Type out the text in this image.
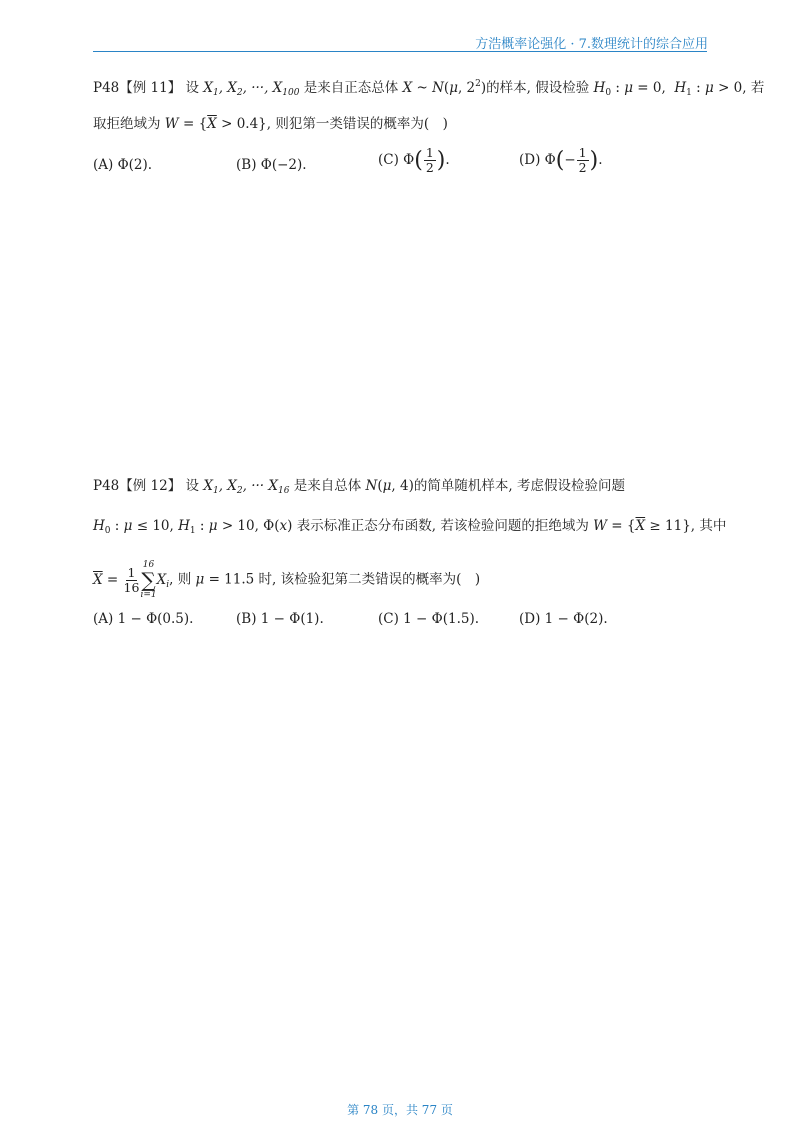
方浩概率论强化 · 7.数理统计的综合应用
P48【例 11】 设 $X_1$, $X_2$, ···, $X_{100}$ 是来自正态总体 X ~ N(μ, $2^2$)的样本, 假设检验 $H_0$ : μ = 0,  $H_1$ : μ > 0, 若
取拒绝域为 $W = \{\overline{X} > 0.4\}$, 则犯第一类错误的概率为(　)
(A) Φ(2).	(B) Φ(−2).	(C) $\Phi( \frac{1}{2}$ ).	(D) $\Phi(- \frac{1}{2}$ ).
P48【例 12】 设 $X_1$, $X_2$, ··· $X_{16}$ 是来自总体 N(μ, 4)的简单随机样本, 考虑假设检验问题
$H_0$ : μ ≤ 10, $H_1$ : μ > 10, Φ(x) 表示标准正态分布函数, 若该检验问题的拒绝域为 $W = \{\overline{X} \ge 11\}$, 其中
$\overline{X} = \frac{1}{16}$
16
∑
i=1
$X_i$, 则 μ = 11.5 时, 该检验犯第二类错误的概率为(　)
(A) 1 − Φ(0.5).	(B) 1 − Φ(1).	(C) 1 − Φ(1.5).	(D) 1 − Φ(2).
第 78 页，共 77 页
